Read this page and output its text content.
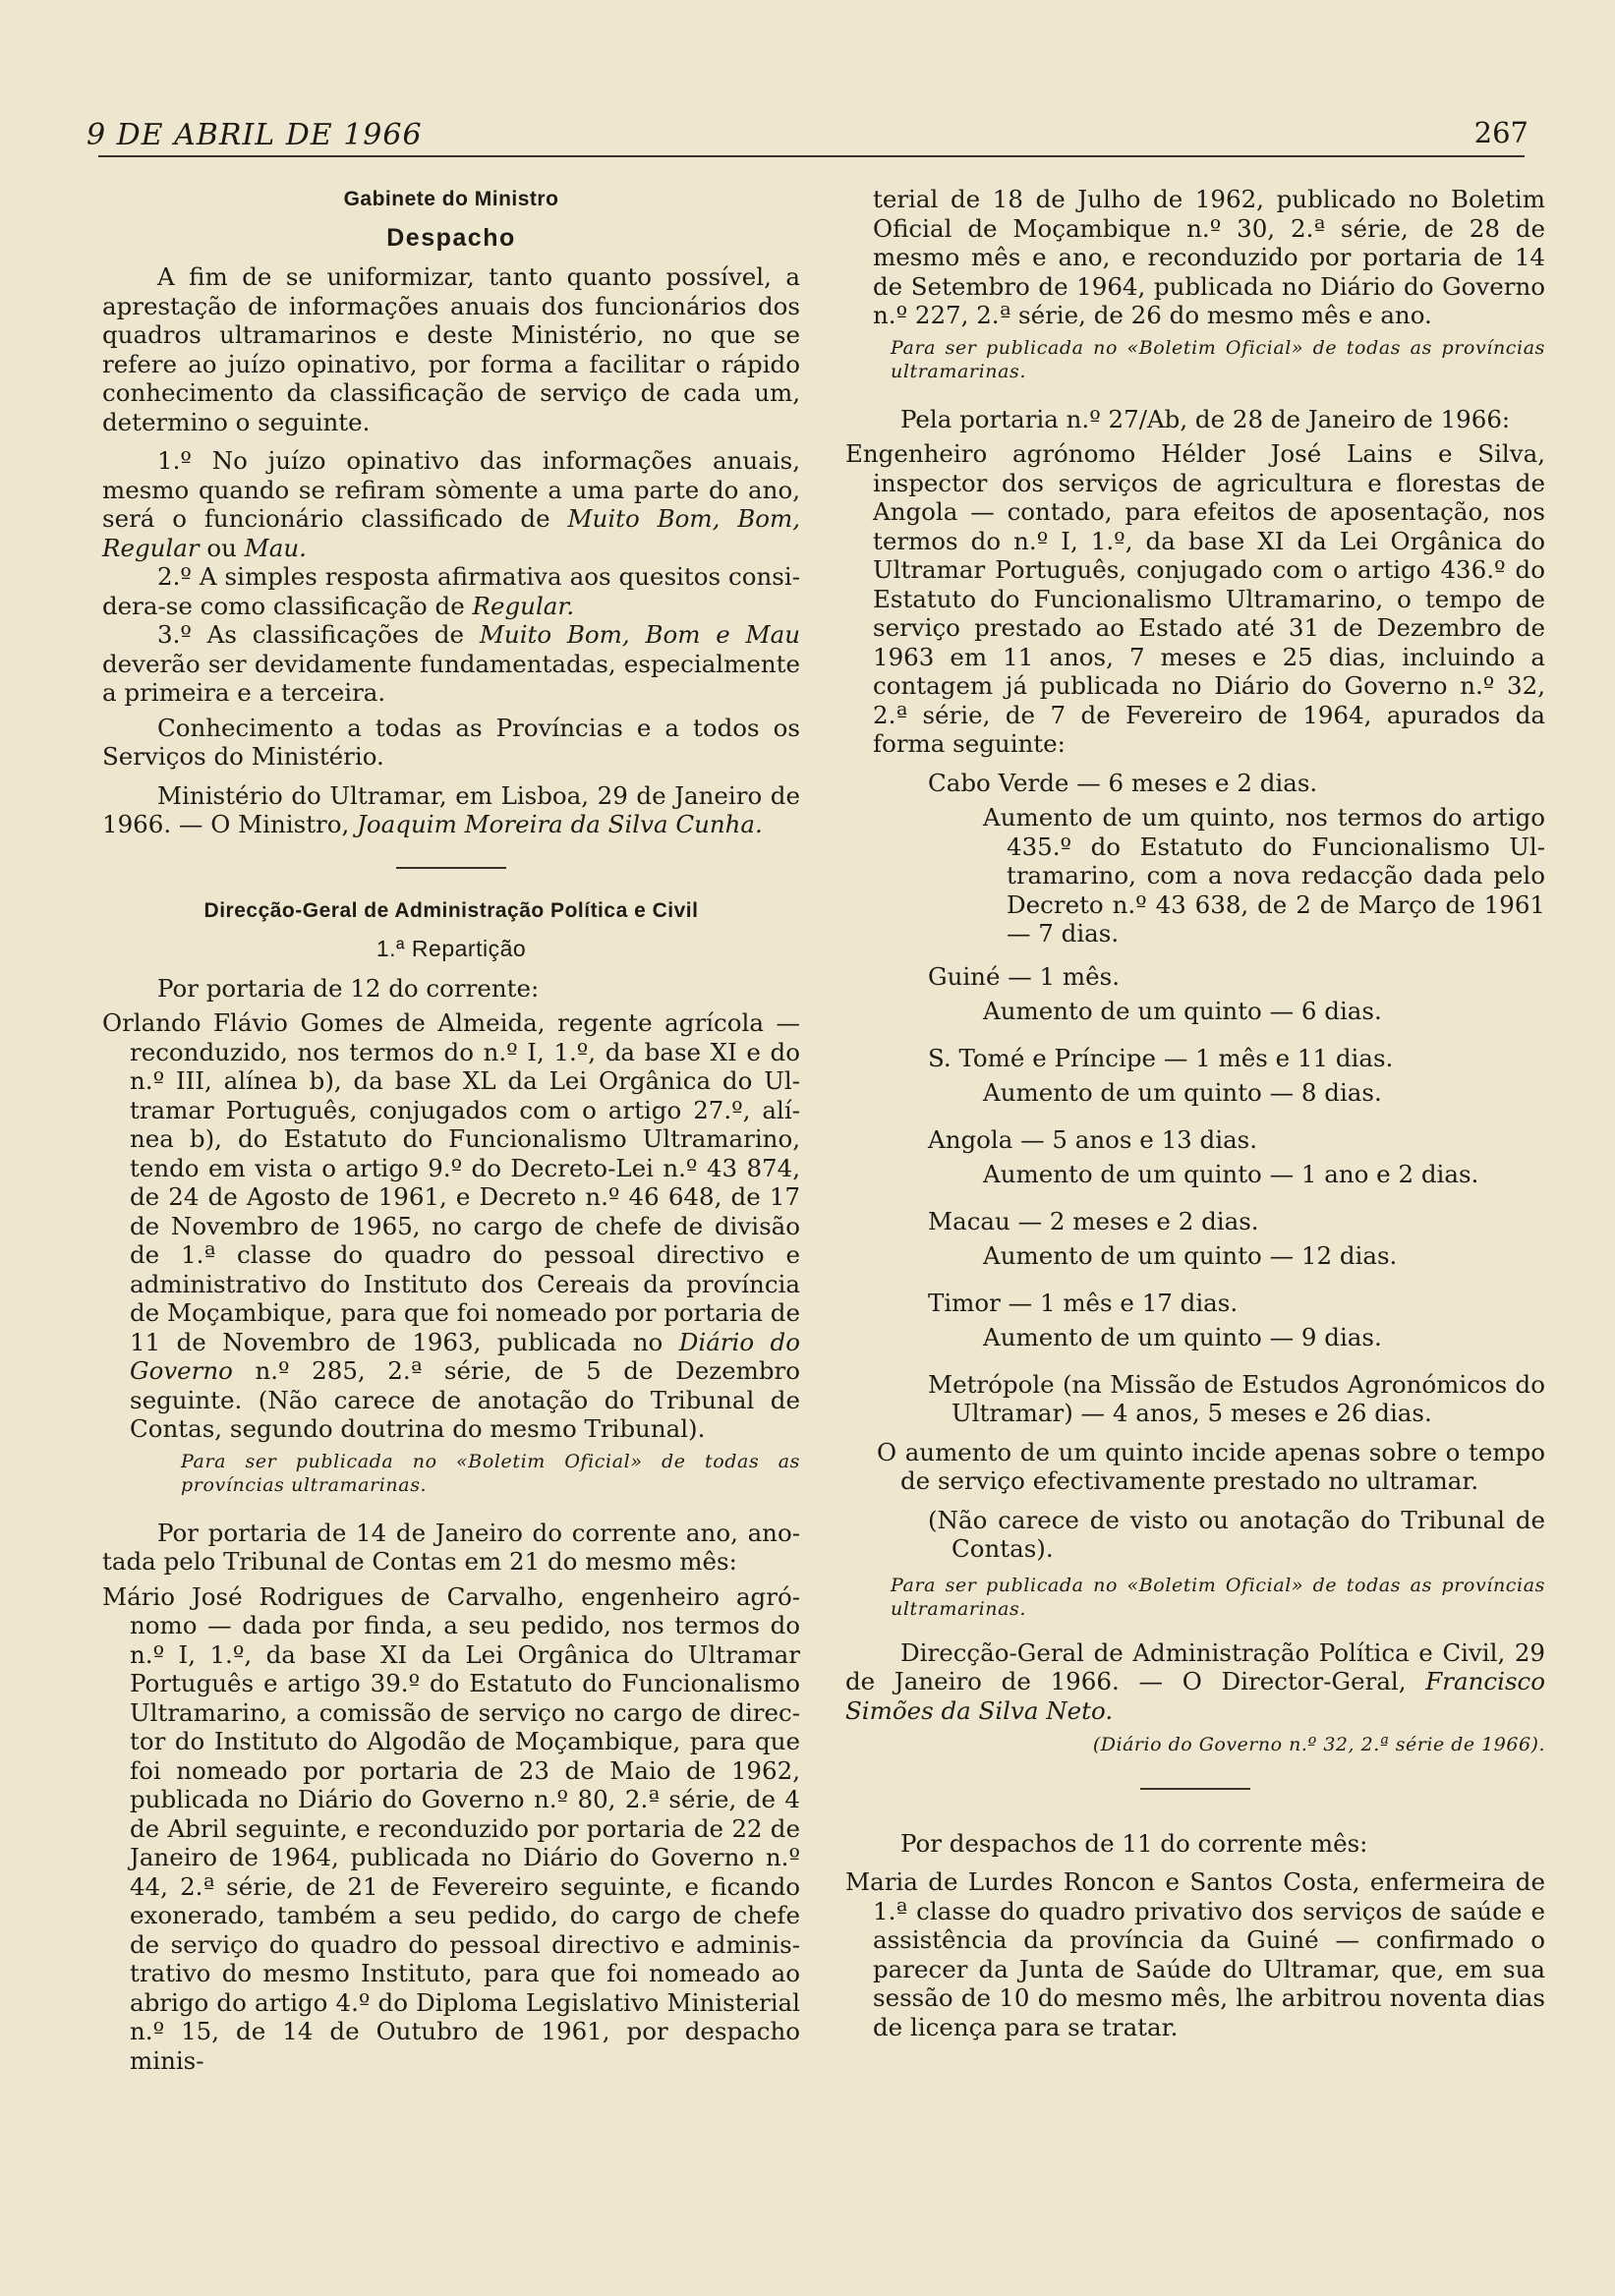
9 DE ABRIL DE 1966	267

Gabinete do Ministro

Despacho

A fim de se uniformizar, tanto quanto possível, a aprestação de informações anuais dos funcionários dos quadros ultramarinos e deste Ministério, no que se refere ao juízo opinativo, por forma a facilitar o rápido conhecimento da classificação de serviço de cada um, determino o seguinte.

1.º No juízo opinativo das informações anuais, mesmo quando se refiram sòmente a uma parte do ano, será o funcionário classificado de Muito Bom, Bom, Regular ou Mau.

2.º A simples resposta afirmativa aos quesitos considera-se como classificação de Regular.

3.º As classificações de Muito Bom, Bom e Mau deverão ser devidamente fundamentadas, especialmente a primeira e a terceira.

Conhecimento a todas as Províncias e a todos os Serviços do Ministério.

Ministério do Ultramar, em Lisboa, 29 de Janeiro de 1966. — O Ministro, Joaquim Moreira da Silva Cunha.

Direcção-Geral de Administração Política e Civil

1.ª Repartição

Por portaria de 12 do corrente:

Orlando Flávio Gomes de Almeida, regente agrícola — reconduzido, nos termos do n.º I, 1.º, da base XI e do n.º III, alínea b), da base XL da Lei Orgânica do Ultramar Português, conjugados com o artigo 27.º, alínea b), do Estatuto do Funcionalismo Ultramarino, tendo em vista o artigo 9.º do Decreto-Lei n.º 43 874, de 24 de Agosto de 1961, e Decreto n.º 46 648, de 17 de Novembro de 1965, no cargo de chefe de divisão de 1.ª classe do quadro do pessoal directivo e administrativo do Instituto dos Cereais da província de Moçambique, para que foi nomeado por portaria de 11 de Novembro de 1963, publicada no Diário do Governo n.º 285, 2.ª série, de 5 de Dezembro seguinte. (Não carece de anotação do Tribunal de Contas, segundo doutrina do mesmo Tribunal).

Para ser publicada no «Boletim Oficial» de todas as províncias ultramarinas.

Por portaria de 14 de Janeiro do corrente ano, anotada pelo Tribunal de Contas em 21 do mesmo mês:

Mário José Rodrigues de Carvalho, engenheiro agrónomo — dada por finda, a seu pedido, nos termos do n.º I, 1.º, da base XI da Lei Orgânica do Ultramar Português e artigo 39.º do Estatuto do Funcionalismo Ultramarino, a comissão de serviço no cargo de director do Instituto do Algodão de Moçambique, para que foi nomeado por portaria de 23 de Maio de 1962, publicada no Diário do Governo n.º 80, 2.ª série, de 4 de Abril seguinte, e reconduzido por portaria de 22 de Janeiro de 1964, publicada no Diário do Governo n.º 44, 2.ª série, de 21 de Fevereiro seguinte, e ficando exonerado, também a seu pedido, do cargo de chefe de serviço do quadro do pessoal directivo e administrativo do mesmo Instituto, para que foi nomeado ao abrigo do artigo 4.º do Diploma Legislativo Ministerial n.º 15, de 14 de Outubro de 1961, por despacho minis-

terial de 18 de Julho de 1962, publicado no Boletim Oficial de Moçambique n.º 30, 2.ª série, de 28 de mesmo mês e ano, e reconduzido por portaria de 14 de Setembro de 1964, publicada no Diário do Governo n.º 227, 2.ª série, de 26 do mesmo mês e ano.

Para ser publicada no «Boletim Oficial» de todas as províncias ultramarinas.

Pela portaria n.º 27/Ab, de 28 de Janeiro de 1966:

Engenheiro agrónomo Hélder José Lains e Silva, inspector dos serviços de agricultura e florestas de Angola — contado, para efeitos de aposentação, nos termos do n.º I, 1.º, da base XI da Lei Orgânica do Ultramar Português, conjugado com o artigo 436.º do Estatuto do Funcionalismo Ultramarino, o tempo de serviço prestado ao Estado até 31 de Dezembro de 1963 em 11 anos, 7 meses e 25 dias, incluindo a contagem já publicada no Diário do Governo n.º 32, 2.ª série, de 7 de Fevereiro de 1964, apurados da forma seguinte:

Cabo Verde — 6 meses e 2 dias.

Aumento de um quinto, nos termos do artigo 435.º do Estatuto do Funcionalismo Ultramarino, com a nova redacção dada pelo Decreto n.º 43 638, de 2 de Março de 1961 — 7 dias.

Guiné — 1 mês.

Aumento de um quinto — 6 dias.

S. Tomé e Príncipe — 1 mês e 11 dias.

Aumento de um quinto — 8 dias.

Angola — 5 anos e 13 dias.

Aumento de um quinto — 1 ano e 2 dias.

Macau — 2 meses e 2 dias.

Aumento de um quinto — 12 dias.

Timor — 1 mês e 17 dias.

Aumento de um quinto — 9 dias.

Metrópole (na Missão de Estudos Agronómicos do Ultramar) — 4 anos, 5 meses e 26 dias.

O aumento de um quinto incide apenas sobre o tempo de serviço efectivamente prestado no ultramar.

(Não carece de visto ou anotação do Tribunal de Contas).

Para ser publicada no «Boletim Oficial» de todas as províncias ultramarinas.

Direcção-Geral de Administração Política e Civil, 29 de Janeiro de 1966. — O Director-Geral, Francisco Simões da Silva Neto.

(Diário do Governo n.º 32, 2.ª série de 1966).

Por despachos de 11 do corrente mês:

Maria de Lurdes Roncon e Santos Costa, enfermeira de 1.ª classe do quadro privativo dos serviços de saúde e assistência da província da Guiné — confirmado o parecer da Junta de Saúde do Ultramar, que, em sua sessão de 10 do mesmo mês, lhe arbitrou noventa dias de licença para se tratar.
